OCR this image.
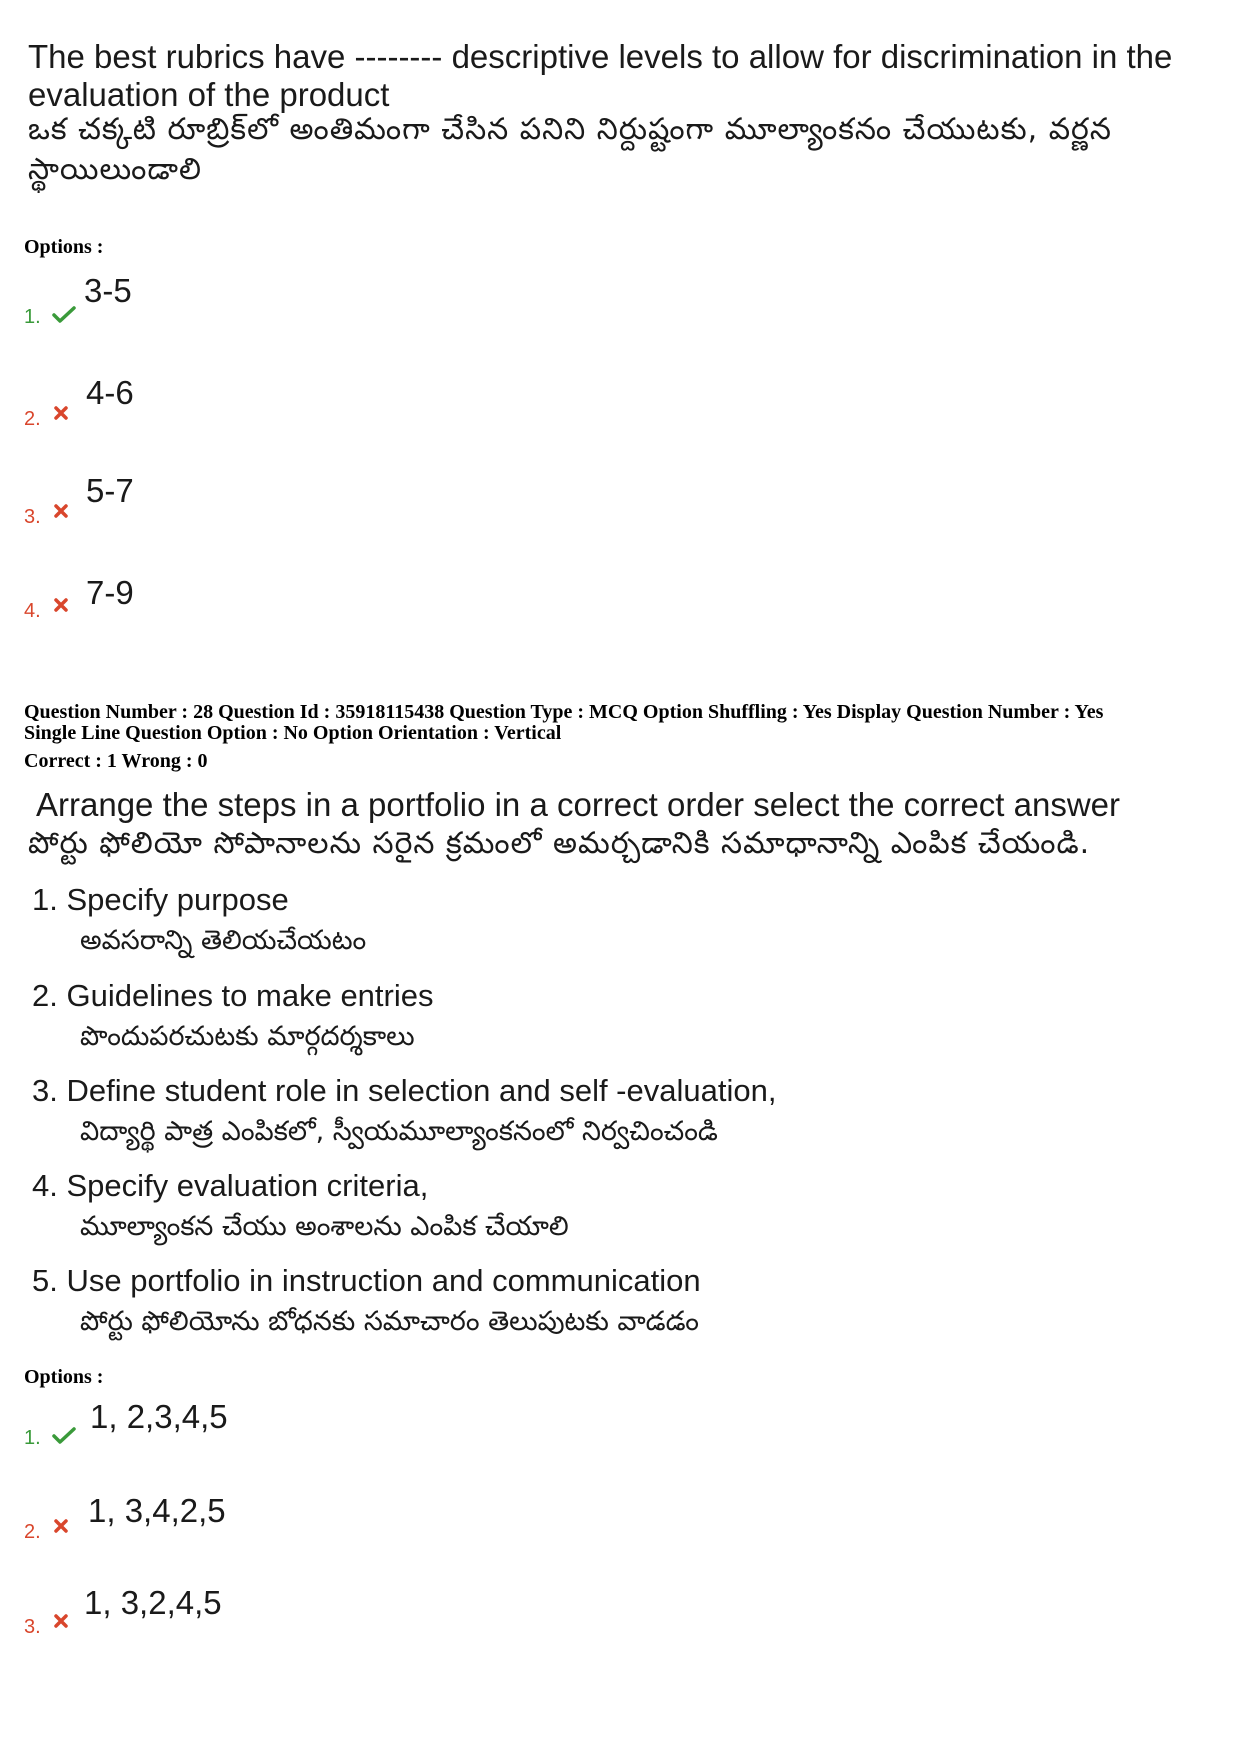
The best rubrics have -------- descriptive levels to allow for discrimination in the evaluation of the product
ఒక చక్కటి రూబ్రిక్‌లో అంతిమంగా చేసిన పనిని నిర్దుష్టంగా మూల్యాంకనం చేయుటకు, వర్ణన స్థాయిలుండాలి
Options :
1.
3-5
2.
4-6
3.
5-7
4. 7-9
Question Number : 28 Question Id : 35918115438 Question Type : MCQ Option Shuffling : Yes Display Question Number : Yes
Single Line Question Option : No Option Orientation : Vertical
Correct : 1 Wrong : 0
Arrange the steps in a portfolio in a correct order select the correct answer
పోర్టు ఫోలియో సోపానాలను సరైన క్రమంలో అమర్చడానికి సమాధానాన్ని ఎంపిక చేయండి.
1. Specify purpose
అవసరాన్ని తెలియచేయటం
2. Guidelines to make entries
పొందుపరచుటకు మార్గదర్శకాలు
3. Define student role in selection and self -evaluation,
విద్యార్థి పాత్ర ఎంపికలో, స్వీయమూల్యాంకనంలో నిర్వచించండి
4. Specify evaluation criteria,
మూల్యాంకన చేయు అంశాలను ఎంపిక చేయాలి
5. Use portfolio in instruction and communication
పోర్టు ఫోలియోను బోధనకు సమాచారం తెలుపుటకు వాడడం
Options :
1.
1, 2,3,4,5
2.
1, 3,4,2,5
3.
1, 3,2,4,5
